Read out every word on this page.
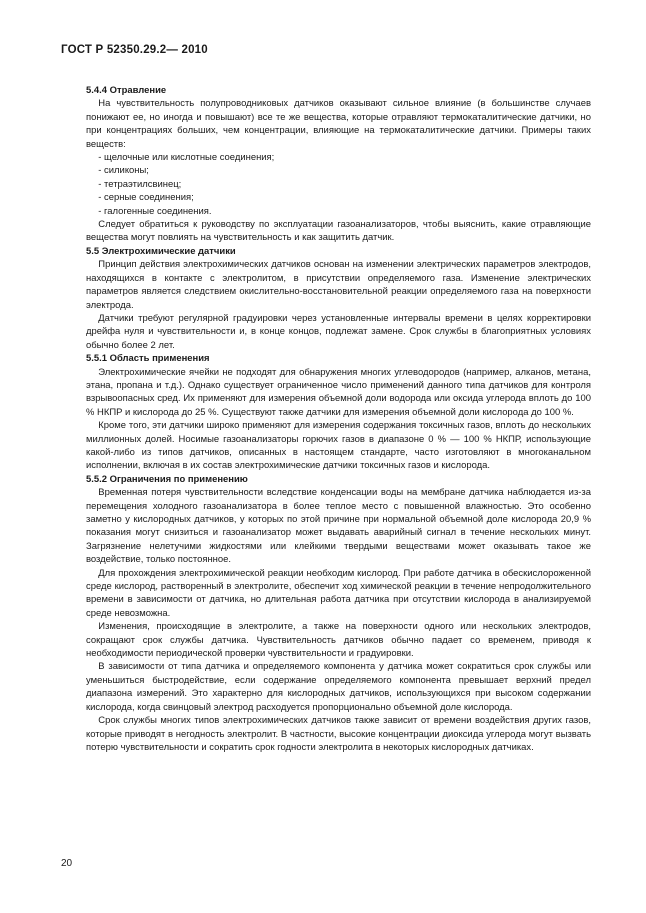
ГОСТ Р 52350.29.2— 2010
5.4.4 Отравление
На чувствительность полупроводниковых датчиков оказывают сильное влияние (в большинстве случаев понижают ее, но иногда и повышают) все те же вещества, которые отравляют термокаталитические датчики, но при концентрациях больших, чем концентрации, влияющие на термокаталитические датчики. Примеры таких веществ:
- щелочные или кислотные соединения;
- силиконы;
- тетраэтилсвинец;
- серные соединения;
- галогенные соединения.
Следует обратиться к руководству по эксплуатации газоанализаторов, чтобы выяснить, какие отравляющие вещества могут повлиять на чувствительность и как защитить датчик.
5.5 Электрохимические датчики
Принцип действия электрохимических датчиков основан на изменении электрических параметров электродов, находящихся в контакте с электролитом, в присутствии определяемого газа. Изменение электрических параметров является следствием окислительно-восстановительной реакции определяемого газа на поверхности электрода.
Датчики требуют регулярной градуировки через установленные интервалы времени в целях корректировки дрейфа нуля и чувствительности и, в конце концов, подлежат замене. Срок службы в благоприятных условиях обычно более 2 лет.
5.5.1 Область применения
Электрохимические ячейки не подходят для обнаружения многих углеводородов (например, алканов, метана, этана, пропана и т.д.). Однако существует ограниченное число применений данного типа датчиков для контроля взрывоопасных сред. Их применяют для измерения объемной доли водорода или оксида углерода вплоть до 100 % НКПР и кислорода до 25 %. Существуют также датчики для измерения объемной доли кислорода до 100 %.
Кроме того, эти датчики широко применяют для измерения содержания токсичных газов, вплоть до нескольких миллионных долей. Носимые газоанализаторы горючих газов в диапазоне 0 % — 100 % НКПР, использующие какой-либо из типов датчиков, описанных в настоящем стандарте, часто изготовляют в многоканальном исполнении, включая в их состав электрохимические датчики токсичных газов и кислорода.
5.5.2 Ограничения по применению
Временная потеря чувствительности вследствие конденсации воды на мембране датчика наблюдается из-за перемещения холодного газоанализатора в более теплое место с повышенной влажностью. Это особенно заметно у кислородных датчиков, у которых по этой причине при нормальной объемной доле кислорода 20,9 % показания могут снизиться и газоанализатор может выдавать аварийный сигнал в течение нескольких минут. Загрязнение нелетучими жидкостями или клейкими твердыми веществами может оказывать такое же воздействие, только постоянное.
Для прохождения электрохимической реакции необходим кислород. При работе датчика в обескислороженной среде кислород, растворенный в электролите, обеспечит ход химической реакции в течение непродолжительного времени в зависимости от датчика, но длительная работа датчика при отсутствии кислорода в анализируемой среде невозможна.
Изменения, происходящие в электролите, а также на поверхности одного или нескольких электродов, сокращают срок службы датчика. Чувствительность датчиков обычно падает со временем, приводя к необходимости периодической проверки чувствительности и градуировки.
В зависимости от типа датчика и определяемого компонента у датчика может сократиться срок службы или уменьшиться быстродействие, если содержание определяемого компонента превышает верхний предел диапазона измерений. Это характерно для кислородных датчиков, использующихся при высоком содержании кислорода, когда свинцовый электрод расходуется пропорционально объемной доле кислорода.
Срок службы многих типов электрохимических датчиков также зависит от времени воздействия других газов, которые приводят в негодность электролит. В частности, высокие концентрации диоксида углерода могут вызвать потерю чувствительности и сократить срок годности электролита в некоторых кислородных датчиках.
20
